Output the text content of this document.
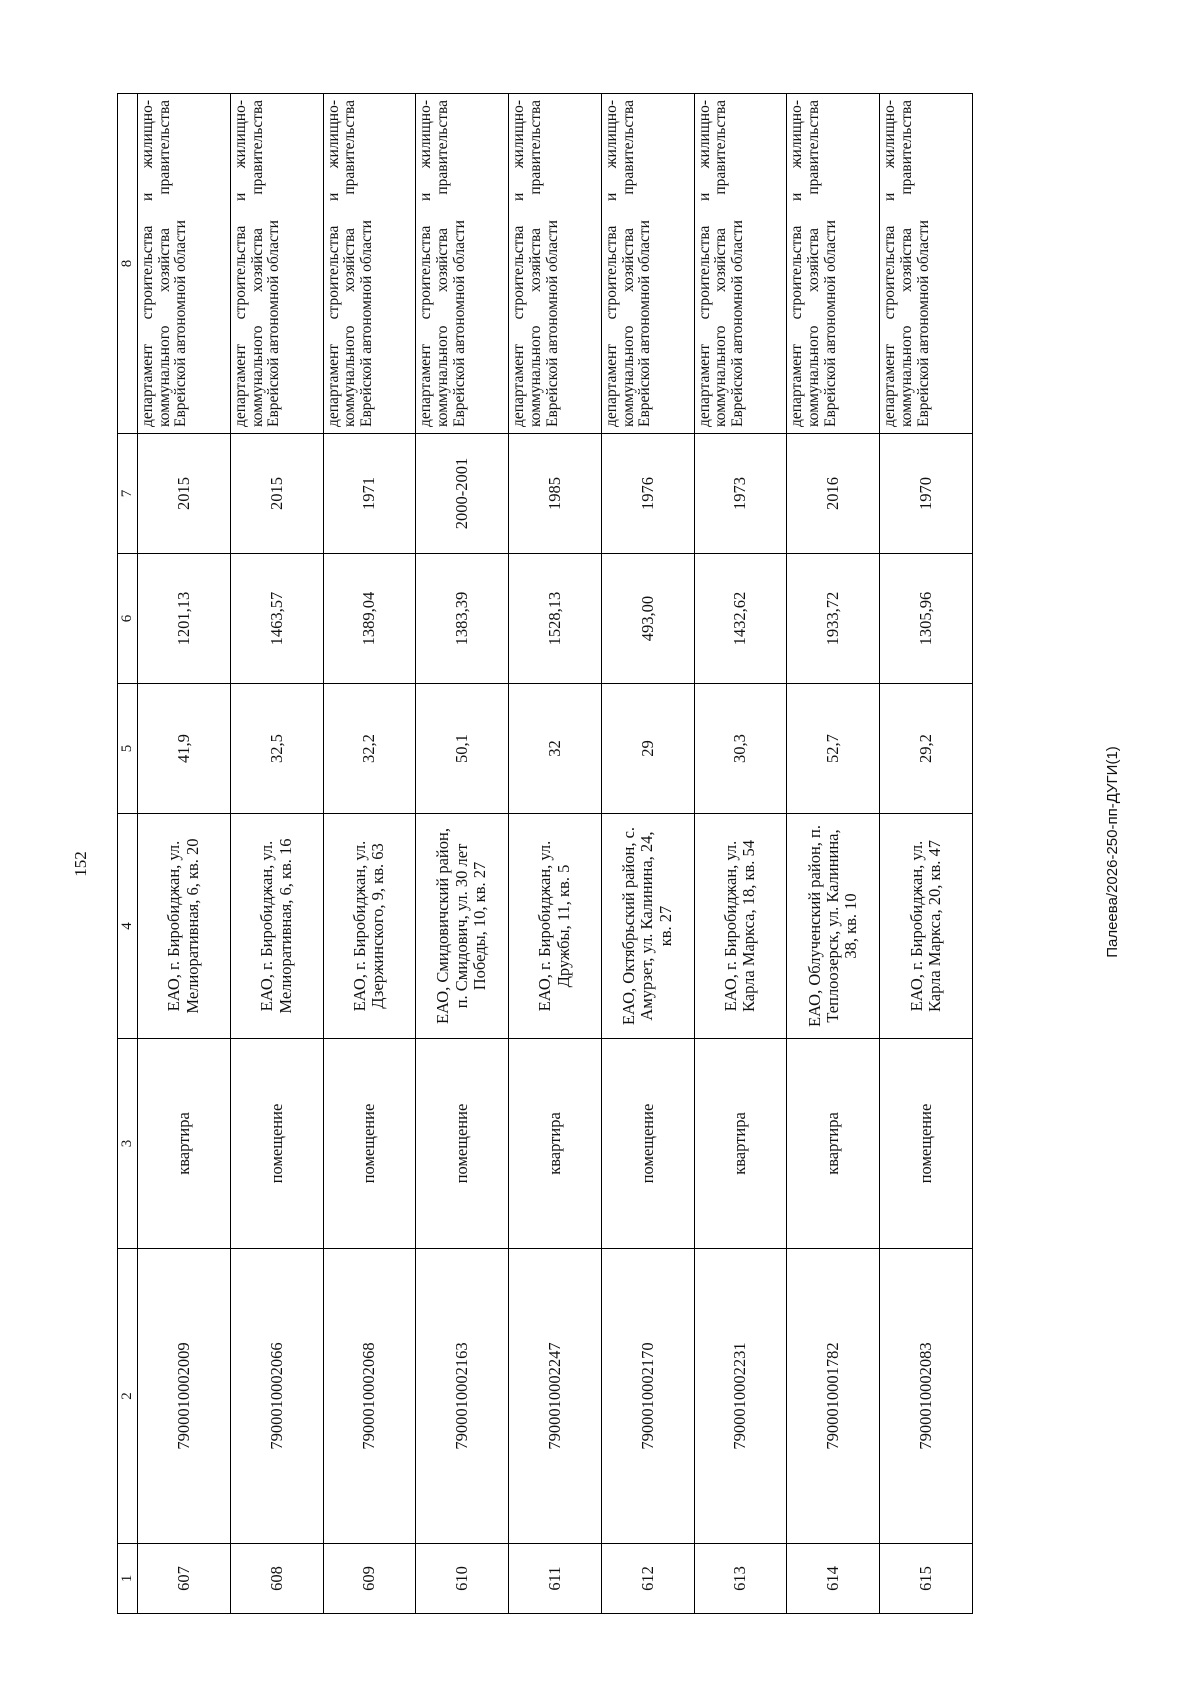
152	Палеева/2026-250-пп-ДУГИ(1)
1	2	3	4	5	6	7	8
607	7900010002009	квартира	ЕАО, г. Биробиджан, ул. Мелиоративная, 6, кв. 20	41,9	1201,13	2015	департамент строительства и жилищно-коммунального хозяйства правительства Еврейской автономной области
608	7900010002066	помещение	ЕАО, г. Биробиджан, ул. Мелиоративная, 6, кв. 16	32,5	1463,57	2015	департамент строительства и жилищно-коммунального хозяйства правительства Еврейской автономной области
609	7900010002068	помещение	ЕАО, г. Биробиджан, ул. Дзержинского, 9, кв. 63	32,2	1389,04	1971	департамент строительства и жилищно-коммунального хозяйства правительства Еврейской автономной области
610	7900010002163	помещение	ЕАО, Смидовичский район, п. Смидович, ул. 30 лет Победы, 10, кв. 27	50,1	1383,39	2000-2001	департамент строительства и жилищно-коммунального хозяйства правительства Еврейской автономной области
611	7900010002247	квартира	ЕАО, г. Биробиджан, ул. Дружбы, 11, кв. 5	32	1528,13	1985	департамент строительства и жилищно-коммунального хозяйства правительства Еврейской автономной области
612	7900010002170	помещение	ЕАО, Октябрьский район, с. Амурзет, ул. Калинина, 24, кв. 27	29	493,00	1976	департамент строительства и жилищно-коммунального хозяйства правительства Еврейской автономной области
613	7900010002231	квартира	ЕАО, г. Биробиджан, ул. Карла Маркса, 18, кв. 54	30,3	1432,62	1973	департамент строительства и жилищно-коммунального хозяйства правительства Еврейской автономной области
614	7900010001782	квартира	ЕАО, Облученский район, п. Теплоозерск, ул. Калинина, 38, кв. 10	52,7	1933,72	2016	департамент строительства и жилищно-коммунального хозяйства правительства Еврейской автономной области
615	7900010002083	помещение	ЕАО, г. Биробиджан, ул. Карла Маркса, 20, кв. 47	29,2	1305,96	1970	департамент строительства и жилищно-коммунального хозяйства правительства Еврейской автономной области
